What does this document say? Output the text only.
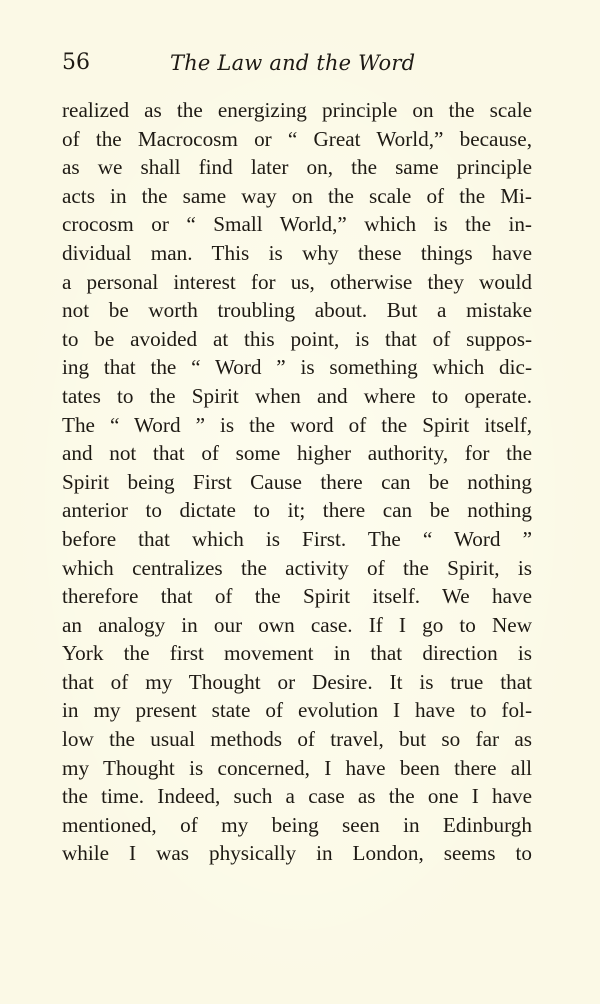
56	The Law and the Word
realized as the energizing principle on the scale
of the Macrocosm or “ Great World,” because,
as we shall find later on, the same principle
acts in the same way on the scale of the Mi-
crocosm or “ Small World,” which is the in-
dividual man. This is why these things have
a personal interest for us, otherwise they would
not be worth troubling about. But a mistake
to be avoided at this point, is that of suppos-
ing that the “ Word ” is something which dic-
tates to the Spirit when and where to operate.
The “ Word ” is the word of the Spirit itself,
and not that of some higher authority, for the
Spirit being First Cause there can be nothing
anterior to dictate to it; there can be nothing
before that which is First. The “ Word ”
which centralizes the activity of the Spirit, is
therefore that of the Spirit itself. We have
an analogy in our own case. If I go to New
York the first movement in that direction is
that of my Thought or Desire. It is true that
in my present state of evolution I have to fol-
low the usual methods of travel, but so far as
my Thought is concerned, I have been there all
the time. Indeed, such a case as the one I have
mentioned, of my being seen in Edinburgh
while I was physically in London, seems to
